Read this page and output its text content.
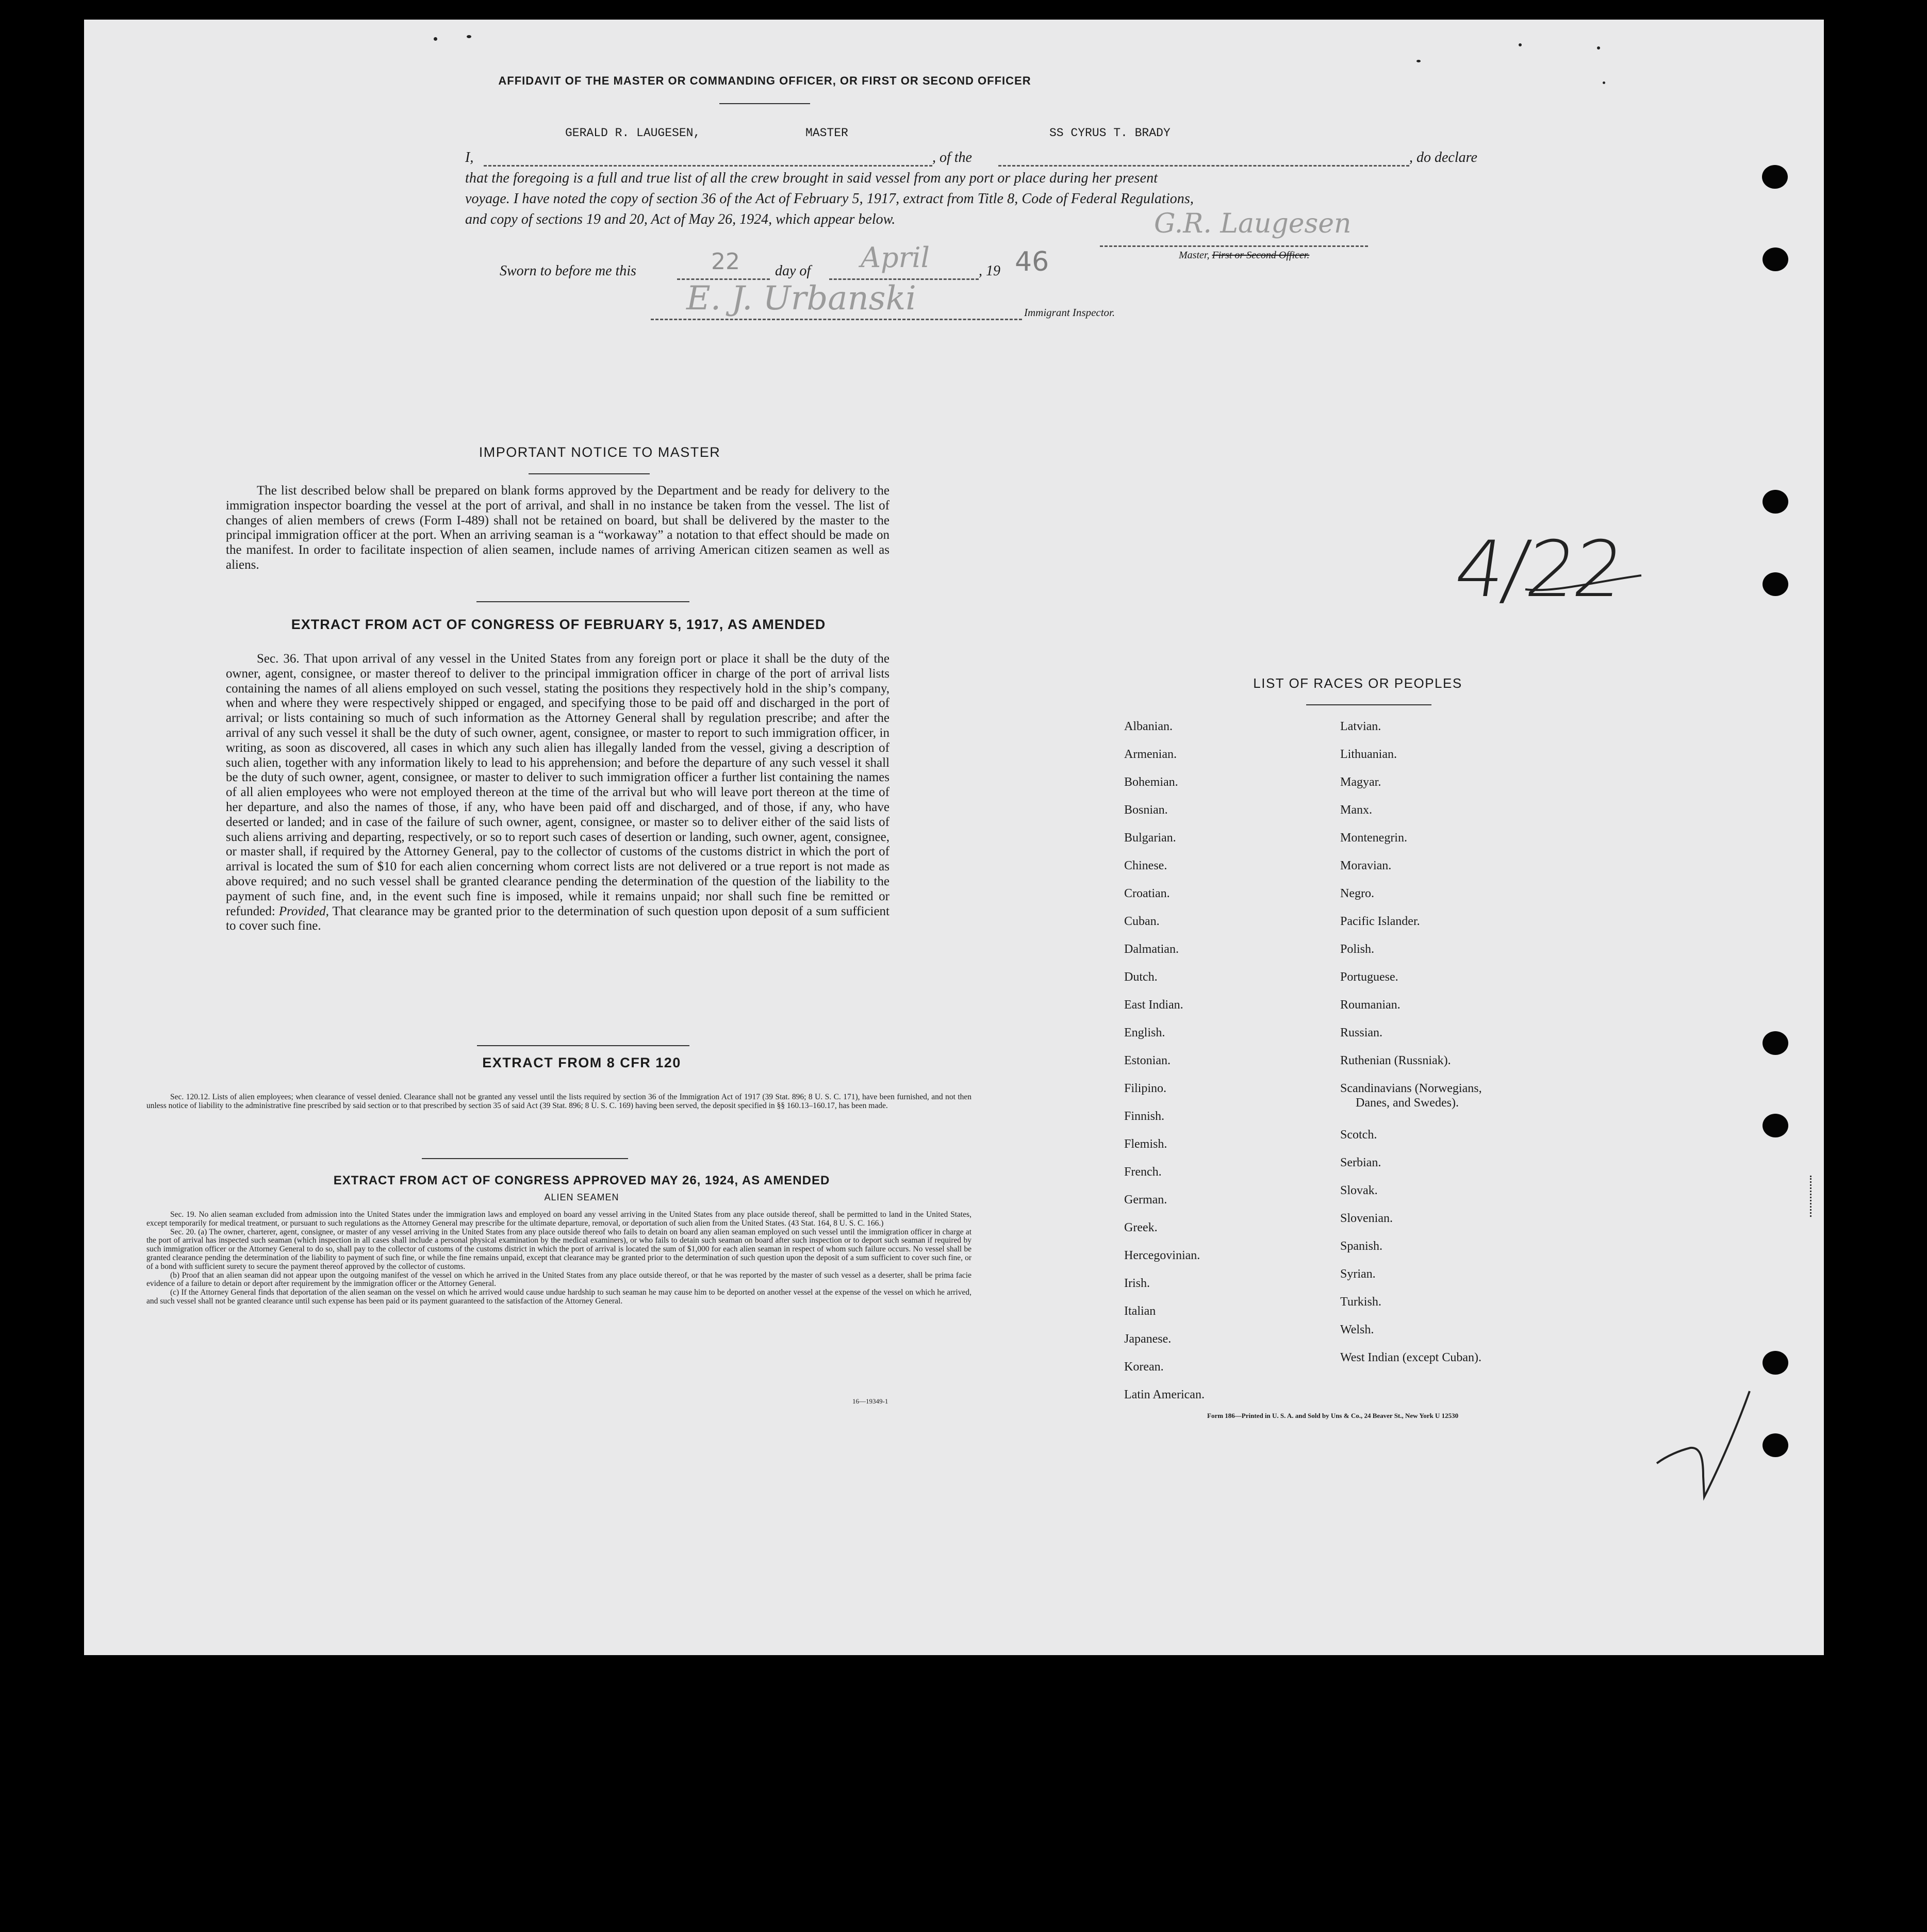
AFFIDAVIT OF THE MASTER OR COMMANDING OFFICER, OR FIRST OR SECOND OFFICER
I,
GERALD R. LAUGESEN,	MASTER
, of the
SS CYRUS T. BRADY
, do declare
that the foregoing is a full and true list of all the crew brought in said vessel from any port or place during her present
voyage. I have noted the copy of section 36 of the Act of February 5, 1917, extract from Title 8, Code of Federal Regulations,
and copy of sections 19 and 20, Act of May 26, 1924, which appear below.	G.R. Laugesen
Master, First or Second Officer.
Sworn to before me this	22 day of April	, 19 46
E. J. Urbanski	Immigrant Inspector.
IMPORTANT NOTICE TO MASTER

The list described below shall be prepared on blank forms approved by the Department and be ready for delivery to the immigration inspector boarding the vessel at the port of arrival, and shall in no instance be taken from the vessel. The list of changes of alien members of crews (Form I-489) shall not be retained on board, but shall be delivered by the master to the principal immigration officer at the port. When an arriving seaman is a “workaway” a notation to that effect should be made on the manifest. In order to facilitate inspection of alien seamen, include names of arriving American citizen seamen as well as aliens.

EXTRACT FROM ACT OF CONGRESS OF FEBRUARY 5, 1917, AS AMENDED

Sec. 36. That upon arrival of any vessel in the United States from any foreign port or place it shall be the duty of the owner, agent, consignee, or master thereof to deliver to the principal immigration officer in charge of the port of arrival lists containing the names of all aliens employed on such vessel, stating the positions they respectively hold in the ship’s company, when and where they were respectively shipped or engaged, and specifying those to be paid off and discharged in the port of arrival; or lists containing so much of such information as the Attorney General shall by regulation prescribe; and after the arrival of any such vessel it shall be the duty of such owner, agent, consignee, or master to report to such immigration officer, in writing, as soon as discovered, all cases in which any such alien has illegally landed from the vessel, giving a description of such alien, together with any information likely to lead to his apprehension; and before the departure of any such vessel it shall be the duty of such owner, agent, consignee, or master to deliver to such immigration officer a further list containing the names of all alien employees who were not employed thereon at the time of the arrival but who will leave port thereon at the time of her departure, and also the names of those, if any, who have been paid off and discharged, and of those, if any, who have deserted or landed; and in case of the failure of such owner, agent, consignee, or master so to deliver either of the said lists of such aliens arriving and departing, respectively, or so to report such cases of desertion or landing, such owner, agent, consignee, or master shall, if required by the Attorney General, pay to the collector of customs of the customs district in which the port of arrival is located the sum of $10 for each alien concerning whom correct lists are not delivered or a true report is not made as above required; and no such vessel shall be granted clearance pending the determination of the question of the liability to the payment of such fine, and, in the event such fine is imposed, while it remains unpaid; nor shall such fine be remitted or refunded: Provided, That clearance may be granted prior to the determination of such question upon deposit of a sum sufficient to cover such fine.

EXTRACT FROM 8 CFR 120

Sec. 120.12. Lists of alien employees; when clearance of vessel denied. Clearance shall not be granted any vessel until the lists required by section 36 of the Immigration Act of 1917 (39 Stat. 896; 8 U. S. C. 171), have been furnished, and not then unless notice of liability to the administrative fine prescribed by said section or to that prescribed by section 35 of said Act (39 Stat. 896; 8 U. S. C. 169) having been served, the deposit specified in §§ 160.13–160.17, has been made.

EXTRACT FROM ACT OF CONGRESS APPROVED MAY 26, 1924, AS AMENDED
ALIEN SEAMEN

Sec. 19. No alien seaman excluded from admission into the United States under the immigration laws and employed on board any vessel arriving in the United States from any place outside thereof, shall be permitted to land in the United States, except temporarily for medical treatment, or pursuant to such regulations as the Attorney General may prescribe for the ultimate departure, removal, or deportation of such alien from the United States. (43 Stat. 164, 8 U. S. C. 166.)

Sec. 20. (a) The owner, charterer, agent, consignee, or master of any vessel arriving in the United States from any place outside thereof who fails to detain on board any alien seaman employed on such vessel until the immigration officer in charge at the port of arrival has inspected such seaman (which inspection in all cases shall include a personal physical examination by the medical examiners), or who fails to detain such seaman on board after such inspection or to deport such seaman if required by such immigration officer or the Attorney General to do so, shall pay to the collector of customs of the customs district in which the port of arrival is located the sum of $1,000 for each alien seaman in respect of whom such failure occurs. No vessel shall be granted clearance pending the determination of the liability to payment of such fine, or while the fine remains unpaid, except that clearance may be granted prior to the determination of such question upon the deposit of a sum sufficient to cover such fine, or of a bond with sufficient surety to secure the payment thereof approved by the collector of customs.

(b) Proof that an alien seaman did not appear upon the outgoing manifest of the vessel on which he arrived in the United States from any place outside thereof, or that he was reported by the master of such vessel as a deserter, shall be prima facie evidence of a failure to detain or deport after requirement by the immigration officer or the Attorney General.

(c) If the Attorney General finds that deportation of the alien seaman on the vessel on which he arrived would cause undue hardship to such seaman he may cause him to be deported on another vessel at the expense of the vessel on which he arrived, and such vessel shall not be granted clearance until such expense has been paid or its payment guaranteed to the satisfaction of the Attorney General.

16—19349-1
4/22
LIST OF RACES OR PEOPLES
Albanian.
Armenian.
Bohemian.
Bosnian.
Bulgarian.
Chinese.
Croatian.
Cuban.
Dalmatian.
Dutch.
East Indian.
English.
Estonian.
Filipino.
Finnish.
Flemish.
French.
German.
Greek.
Hercegovinian.
Irish.
Italian
Japanese.
Korean.
Latin American.
Latvian.
Lithuanian.
Magyar.
Manx.
Montenegrin.
Moravian.
Negro.
Pacific Islander.
Polish.
Portuguese.
Roumanian.
Russian.
Ruthenian (Russniak).
Scandinavians (Norwegians,
Danes, and Swedes).
Scotch.
Serbian.
Slovak.
Slovenian.
Spanish.
Syrian.
Turkish.
Welsh.
West Indian (except Cuban).
Form 186—Printed in U. S. A. and Sold by Uns & Co., 24 Beaver St., New York U 12530
